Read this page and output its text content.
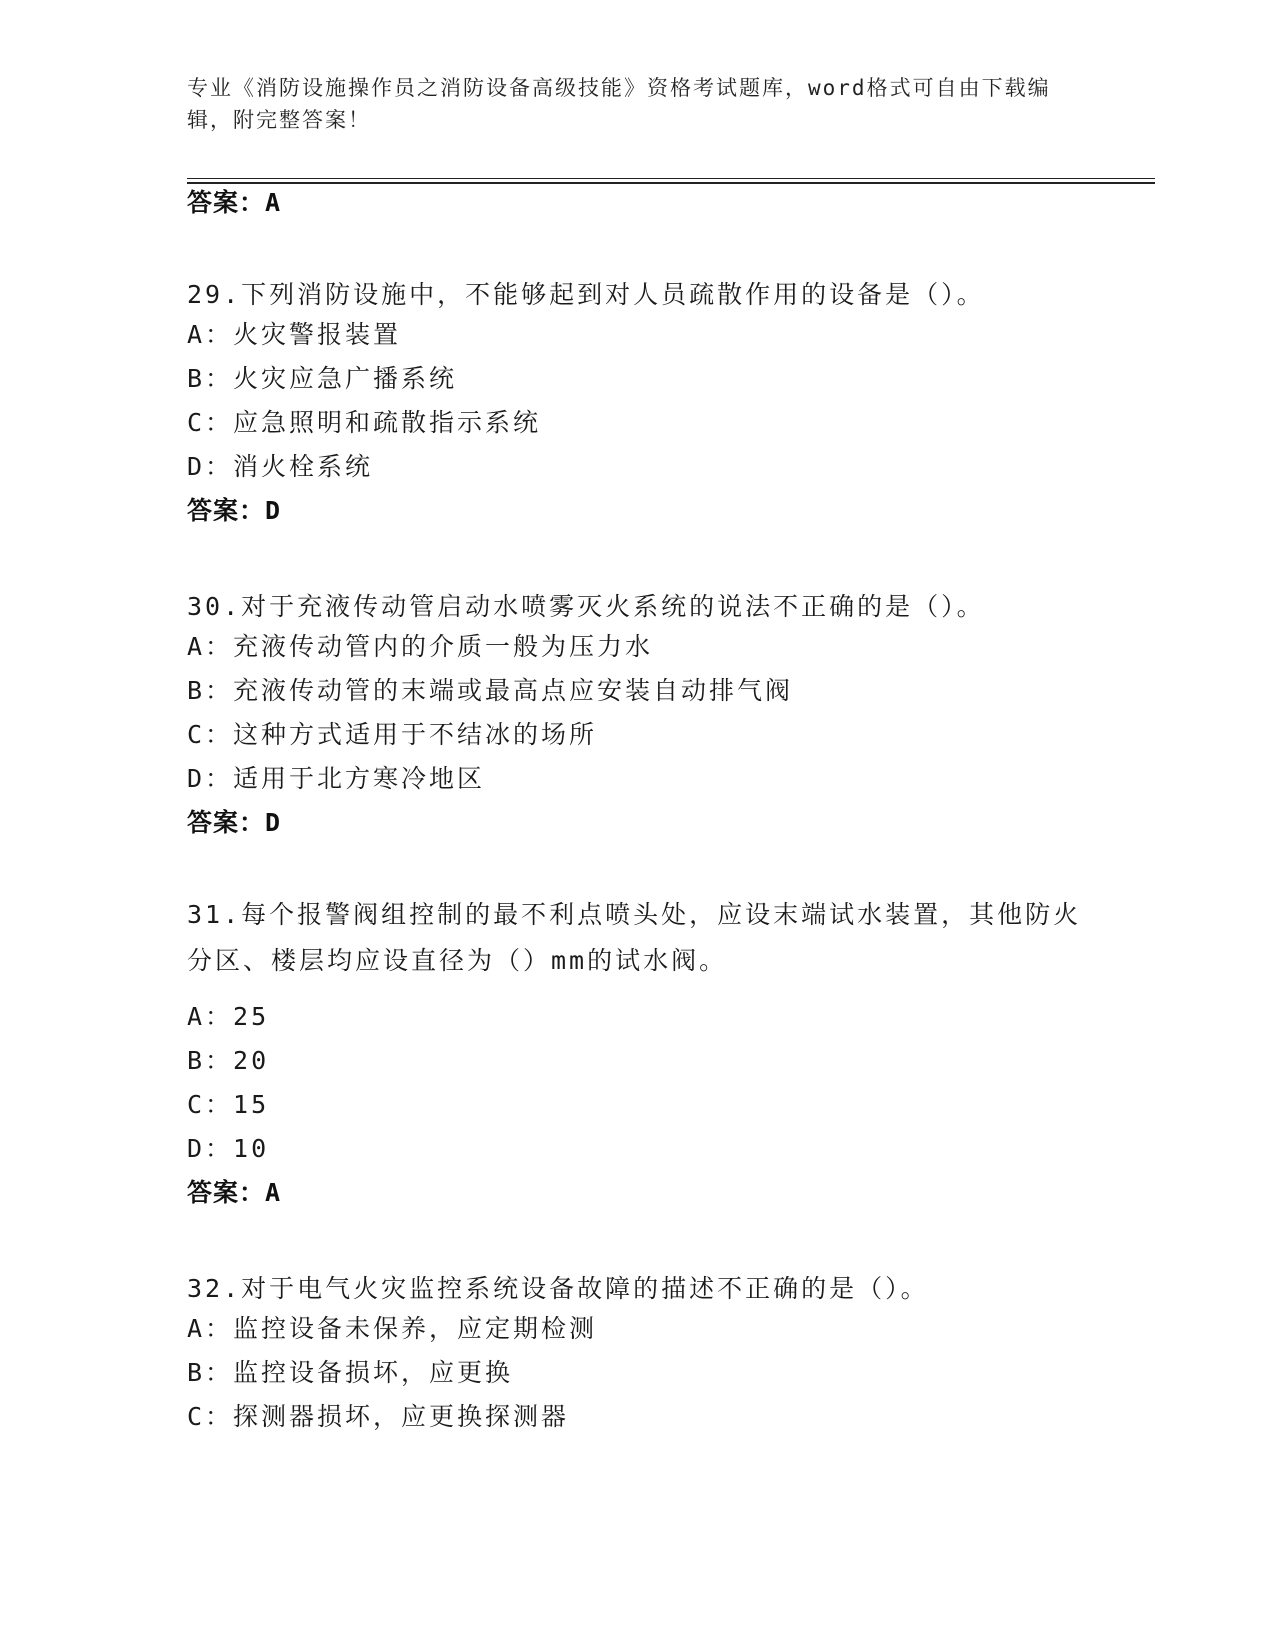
专业《消防设施操作员之消防设备高级技能》资格考试题库，word格式可自由下载编辑，附完整答案！
答案：A
29.下列消防设施中，不能够起到对人员疏散作用的设备是（）。
A：火灾警报装置
B：火灾应急广播系统
C：应急照明和疏散指示系统
D：消火栓系统
答案：D
30.对于充液传动管启动水喷雾灭火系统的说法不正确的是（）。
A：充液传动管内的介质一般为压力水
B：充液传动管的末端或最高点应安装自动排气阀
C：这种方式适用于不结冰的场所
D：适用于北方寒冷地区
答案：D
31.每个报警阀组控制的最不利点喷头处，应设末端试水装置，其他防火分区、楼层均应设直径为（）mm的试水阀。
A：25
B：20
C：15
D：10
答案：A
32.对于电气火灾监控系统设备故障的描述不正确的是（）。
A：监控设备未保养，应定期检测
B：监控设备损坏，应更换
C：探测器损坏，应更换探测器
